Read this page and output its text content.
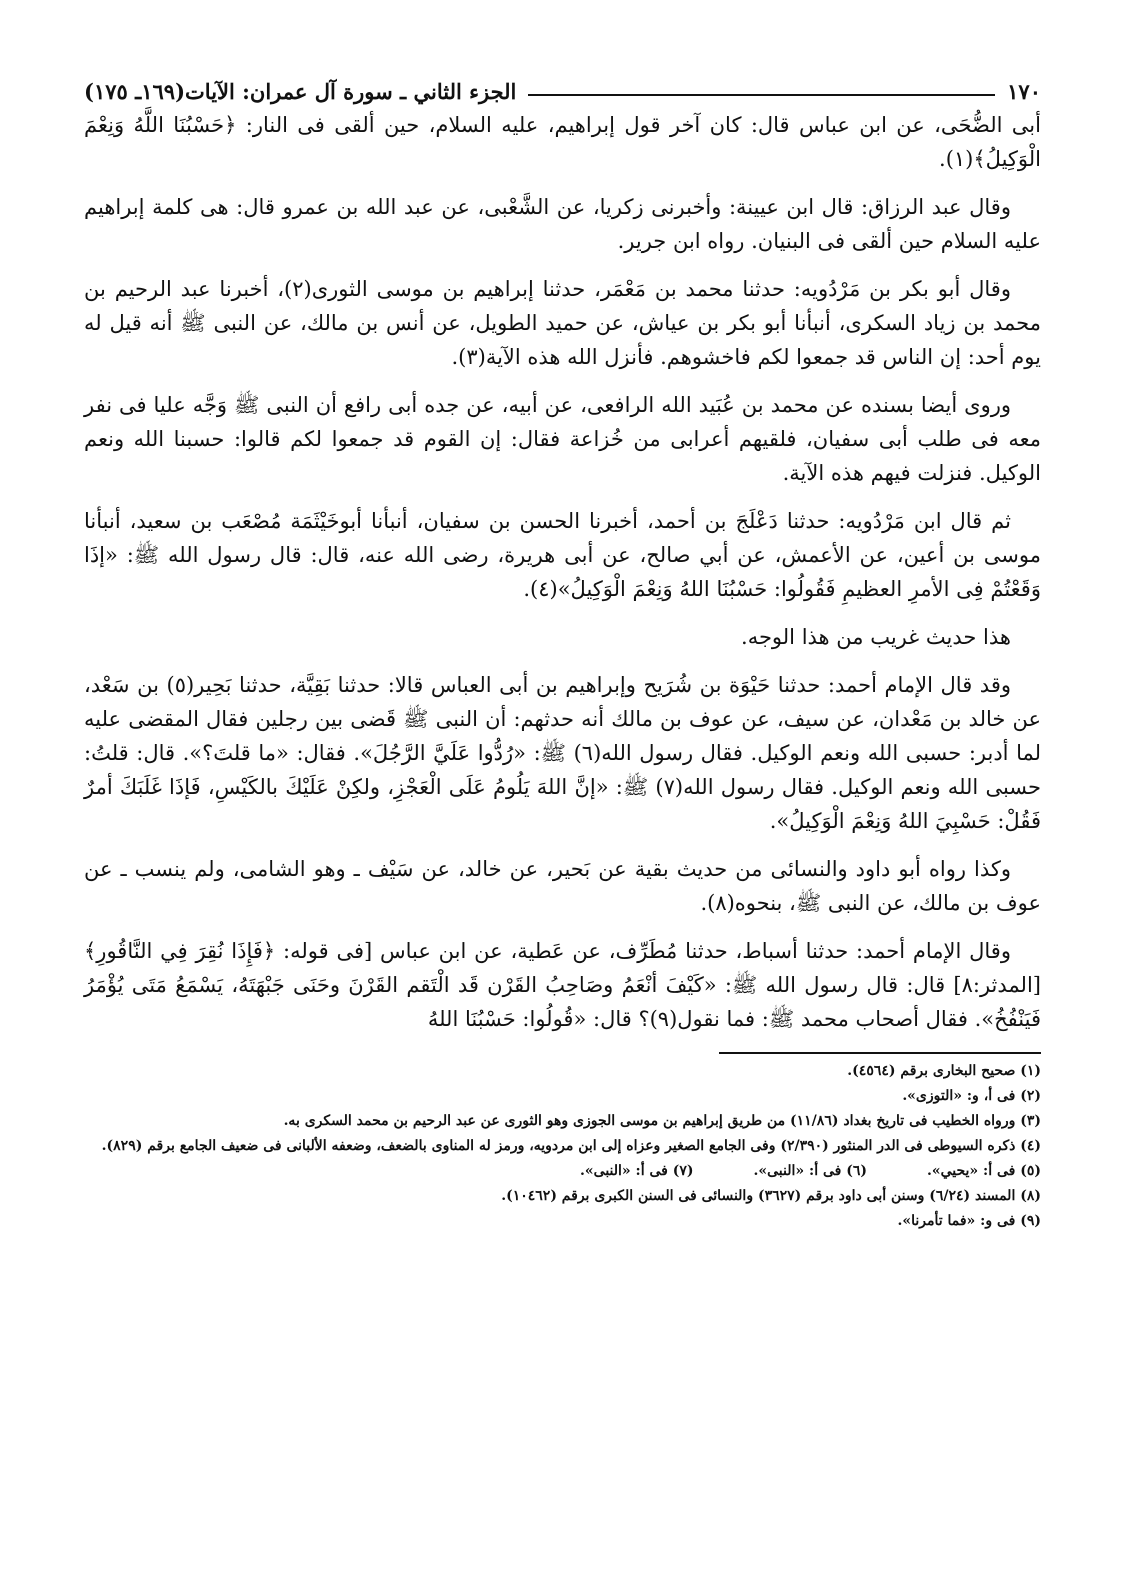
١٧٠
الجزء الثاني ـ سورة آل عمران: الآيات(١٦٩ـ ١٧٥)

أبى الضُّحَى، عن ابن عباس قال: كان آخر قول إبراهيم، عليه السلام، حين ألقى فى النار: ﴿حَسْبُنَا اللَّهُ وَنِعْمَ الْوَكِيلُ﴾(١).

وقال عبد الرزاق: قال ابن عيينة: وأخبرنى زكريا، عن الشَّعْبى، عن عبد الله بن عمرو قال: هى كلمة إبراهيم عليه السلام حين ألقى فى البنيان. رواه ابن جرير.

وقال أبو بكر بن مَرْدُويه: حدثنا محمد بن مَعْمَر، حدثنا إبراهيم بن موسى الثورى(٢)، أخبرنا عبد الرحيم بن محمد بن زياد السكرى، أنبأنا أبو بكر بن عياش، عن حميد الطويل، عن أنس بن مالك، عن النبى ﷺ أنه قيل له يوم أحد: إن الناس قد جمعوا لكم فاخشوهم. فأنزل الله هذه الآية(٣).

وروى أيضا بسنده عن محمد بن عُبَيد الله الرافعى، عن أبيه، عن جده أبى رافع أن النبى ﷺ وَجَّه عليا فى نفر معه فى طلب أبى سفيان، فلقيهم أعرابى من خُزاعة فقال: إن القوم قد جمعوا لكم قالوا: حسبنا الله ونعم الوكيل. فنزلت فيهم هذه الآية.

ثم قال ابن مَرْدُويه: حدثنا دَعْلَجَ بن أحمد، أخبرنا الحسن بن سفيان، أنبأنا أبوخَيْثَمَة مُصْعَب بن سعيد، أنبأنا موسى بن أعين، عن الأعمش، عن أبي صالح، عن أبى هريرة، رضى الله عنه، قال: قال رسول الله ﷺ: «إذَا وَقَعْتُمْ فِى الأمرِ العظيمِ فَقُولُوا: حَسْبُنَا اللهُ وَنِعْمَ الْوَكِيلُ»(٤).

هذا حديث غريب من هذا الوجه.

وقد قال الإمام أحمد: حدثنا حَيْوَة بن شُرَيح وإبراهيم بن أبى العباس قالا: حدثنا بَقِيَّة، حدثنا بَحِير(٥) بن سَعْد، عن خالد بن مَعْدان، عن سيف، عن عوف بن مالك أنه حدثهم: أن النبى ﷺ قَضى بين رجلين فقال المقضى عليه لما أدبر: حسبى الله ونعم الوكيل. فقال رسول الله(٦) ﷺ: «رُدُّوا عَلَيَّ الرَّجُلَ». فقال: «ما قلتَ؟». قال: قلتُ: حسبى الله ونعم الوكيل. فقال رسول الله(٧) ﷺ: «إنَّ اللهَ يَلُومُ عَلَى الْعَجْزِ، ولكِنْ عَلَيْكَ بالكَيْسِ، فَإذَا غَلَبَكَ أمرٌ فَقُلْ: حَسْبِيَ اللهُ وَنِعْمَ الْوَكِيلُ».

وكذا رواه أبو داود والنسائى من حديث بقية عن بَحير، عن خالد، عن سَيْف ـ وهو الشامى، ولم ينسب ـ عن عوف بن مالك، عن النبى ﷺ، بنحوه(٨).

وقال الإمام أحمد: حدثنا أسباط، حدثنا مُطَرِّف، عن عَطية، عن ابن عباس [فى قوله: ﴿فَإِذَا نُقِرَ فِي النَّاقُورِ﴾[المدثر:٨] قال: قال رسول الله ﷺ: «كَيْفَ أنْعَمُ وصَاحِبُ القَرْن قَد الْتَقم القَرْنَ وحَنَى جَبْهَتَهُ، يَسْمَعُ مَتَى يُؤْمَرُ فَيَنْفُخُ». فقال أصحاب محمد ﷺ: فما نقول(٩)؟ قال: «قُولُوا: حَسْبُنَا اللهُ

(١) صحيح البخارى برقم (٤٥٦٤).
(٢) فى أ، و: «التوزى».
(٣) ورواه الخطيب فى تاريخ بغداد (١١/٨٦) من طريق إبراهيم بن موسى الجوزى وهو الثورى عن عبد الرحيم بن محمد السكرى به.
(٤) ذكره السيوطى فى الدر المنثور (٢/٣٩٠) وفى الجامع الصغير وعزاه إلى ابن مردويه، ورمز له المناوى بالضعف، وضعفه الألبانى فى ضعيف الجامع برقم (٨٢٩).
(٥) فى أ: «يحيي».
(٦) فى أ: «النبى».
(٧) فى أ: «النبى».
(٨) المسند (٦/٢٤) وسنن أبى داود برقم (٣٦٢٧) والنسائى فى السنن الكبرى برقم (١٠٤٦٢).
(٩) فى و: «فما تأمرنا».
